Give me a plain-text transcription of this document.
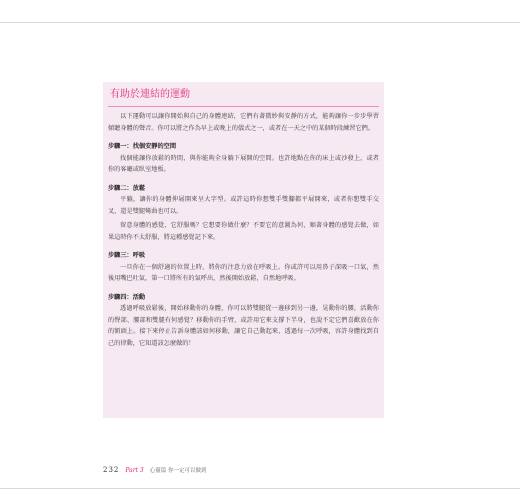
有助於連結的運動

以下運動可以讓你開始與自己的身體連結，它們有著微妙與安靜的方式，能夠讓你一步步學習傾聽身體的聲音。你可以將之作為早上或晚上的儀式之一，或者在一天之中的某個時段練習它們。

步驟一：找個安靜的空間

找個能讓你放鬆的時間，與你能夠全身躺下展開的空間。也許地點在你的床上或沙發上，或者你的客廳或臥室地板。

步驟二：放鬆

平躺，讓你的身體伸展開來呈大字型。或許這時你想雙手雙腳都平展開來，或者你想雙手交叉，還是雙腿彎曲也可以。

留意身體的感覺，它舒服嗎？它想要你做什麼？不要它的意圖為何，順著身體的感覺去做，如果這時你不太舒服，將這種感覺記下來。

步驟三：呼吸

一旦你在一個舒適的位置上時，將你的注意力放在呼吸上。你或許可以用鼻子深吸一口氣，然後用嘴巴吐氣，第一口將所有的氣呼出，然後開始放鬆，自然地呼吸。

步驟四：活動

透過呼吸放鬆後，開始移動你的身體，你可以將雙腿從一邊移到另一邊，晃動你的腰，活動你的臀部、腰部和雙腿有何感覺？移動你的手臂，或許用它來支撐下半身，也說不定它們喜歡放在你的額頭上。接下來停止告訴身體該如何移動，讓它自己動起來，透過每一次呼吸，容許身體找到自己的律動，它知道該怎麼做的！

232 Part 3 心靈篇 你一定可以做到
